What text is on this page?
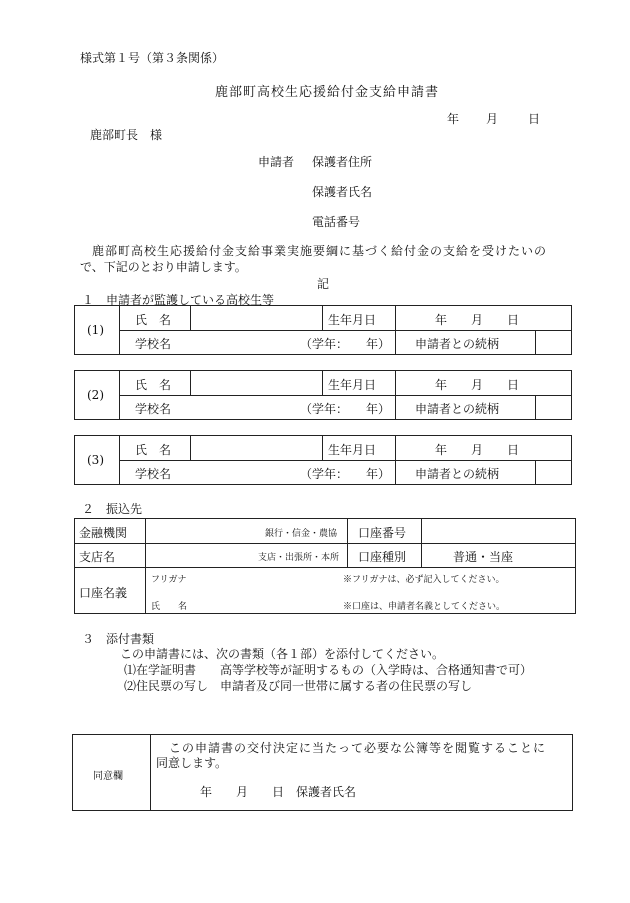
様式第１号（第３条関係）
鹿部町高校生応援給付金支給申請書
年 月 日
鹿部町長　様
申請者 保護者住所
保護者氏名
電話番号
鹿部町高校生応援給付金支給事業実施要綱に基づく給付金の支給を受けたいの
で、下記のとおり申請します。
記
１　申請者が監護している高校生等
(1)
氏　名	生年月日	年　　月　　日
学校名	（学年：　　年） 申請者との続柄
(2)
氏　名	生年月日	年　　月　　日
学校名	（学年：　　年） 申請者との続柄
(3)
氏　名	生年月日	年　　月　　日
学校名	（学年：　　年） 申請者との続柄
２　振込先
金融機関	銀行・信金・農協 口座番号
支店名	支店・出張所・本所 口座種別	普通・当座
口座名義
フリガナ	※フリガナは、必ず記入してください。
氏　　名	※口座は、申請者名義としてください。
３　添付書類
この申請書には、次の書類（各１部）を添付してください。
⑴在学証明書　　高等学校等が証明するもの（入学時は、合格通知書で可）
⑵住民票の写し　申請者及び同一世帯に属する者の住民票の写し
同意欄
この申請書の交付決定に当たって必要な公簿等を閲覧することに
同意します。
年　　月　　日　保護者氏名
